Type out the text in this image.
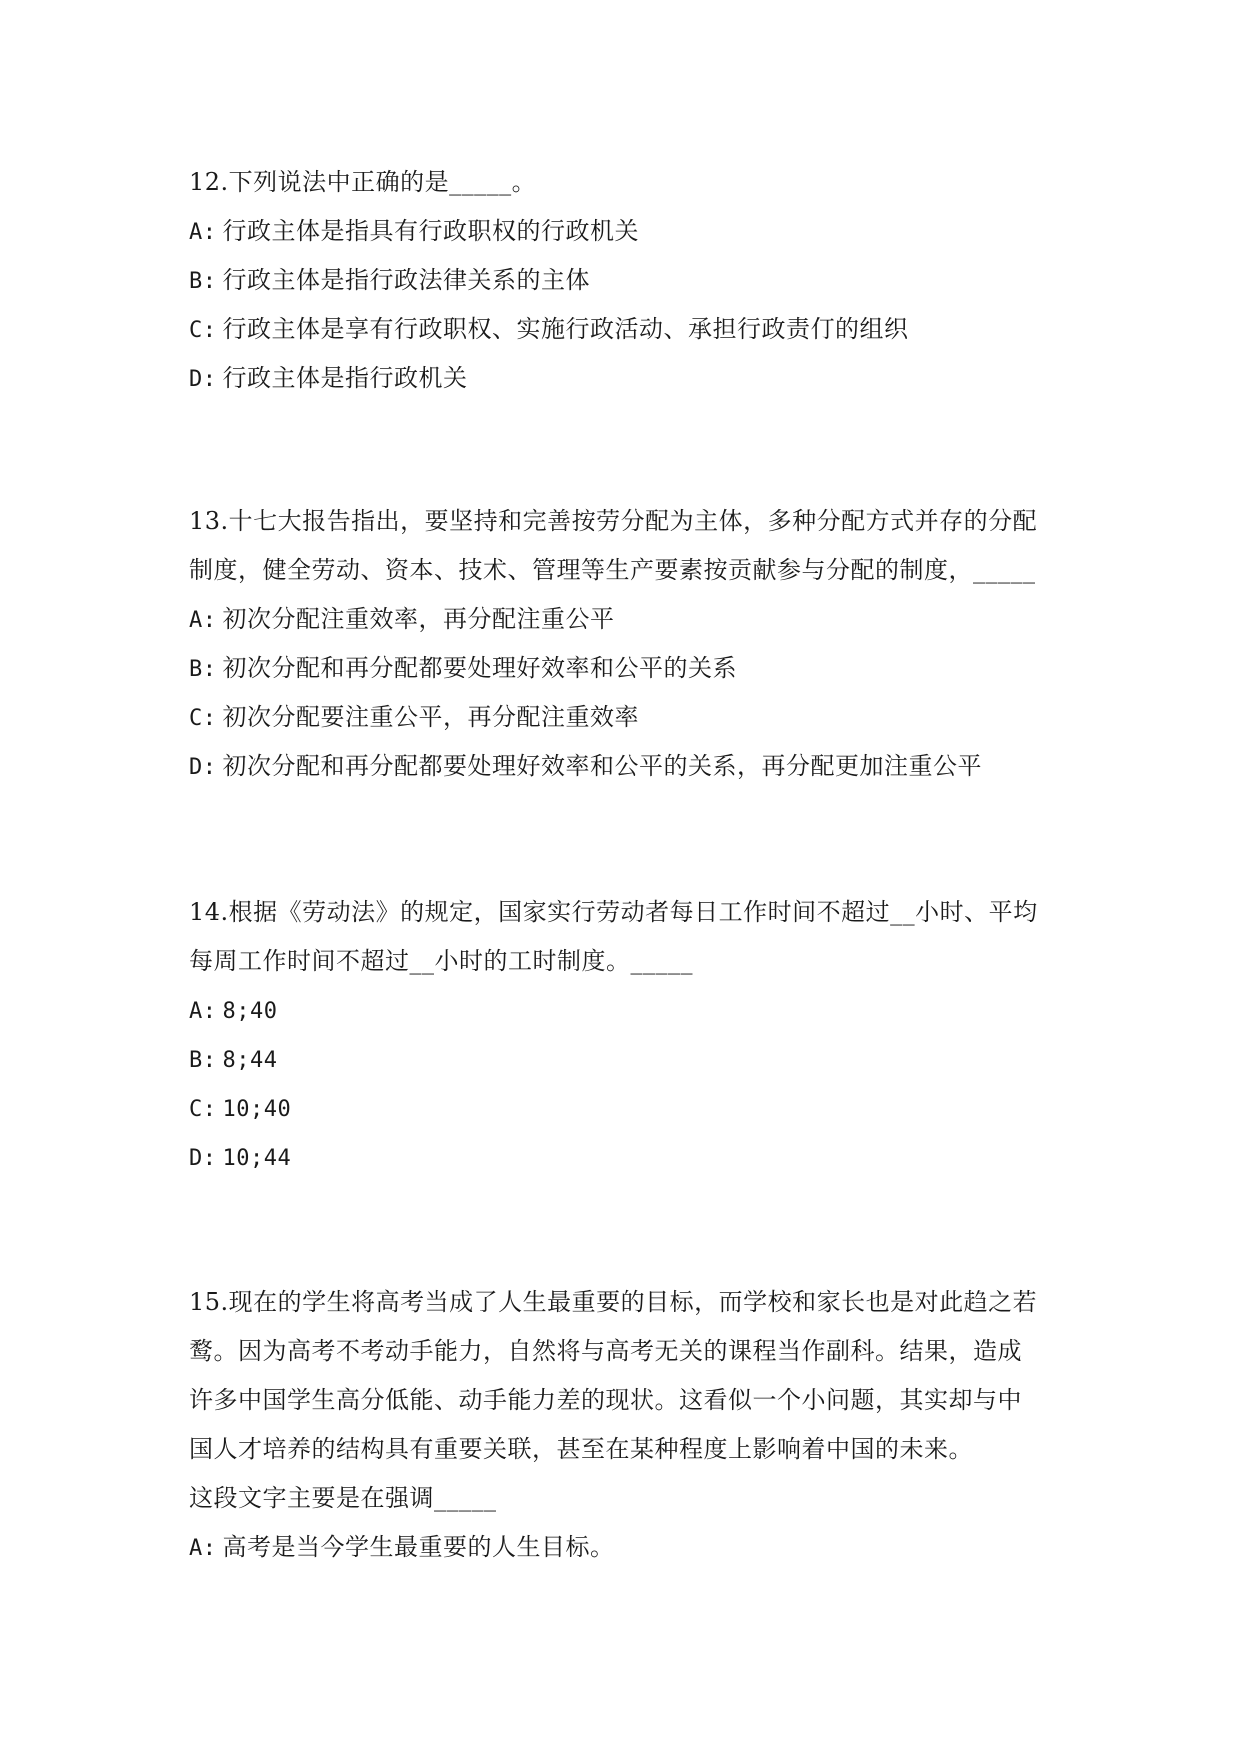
12.下列说法中正确的是_____。

A: 行政主体是指具有行政职权的行政机关
B: 行政主体是指行政法律关系的主体
C: 行政主体是享有行政职权、实施行政活动、承担行政责仃的组织
D: 行政主体是指行政机关

13.十七大报告指出，要坚持和完善按劳分配为主体，多种分配方式并存的分配
制度，健全劳动、资本、技术、管理等生产要素按贡献参与分配的制度，_____

A: 初次分配注重效率，再分配注重公平
B: 初次分配和再分配都要处理好效率和公平的关系
C: 初次分配要注重公平，再分配注重效率
D: 初次分配和再分配都要处理好效率和公平的关系，再分配更加注重公平

14.根据《劳动法》的规定，国家实行劳动者每日工作时间不超过__小时、平均
每周工作时间不超过__小时的工时制度。_____

A: 8;40
B: 8;44
C: 10;40
D: 10;44

15.现在的学生将高考当成了人生最重要的目标，而学校和家长也是对此趋之若
鹜。因为高考不考动手能力，自然将与高考无关的课程当作副科。结果，造成
许多中国学生高分低能、动手能力差的现状。这看似一个小问题，其实却与中
国人才培养的结构具有重要关联，甚至在某种程度上影响着中国的未来。
这段文字主要是在强调_____

A: 高考是当今学生最重要的人生目标。
